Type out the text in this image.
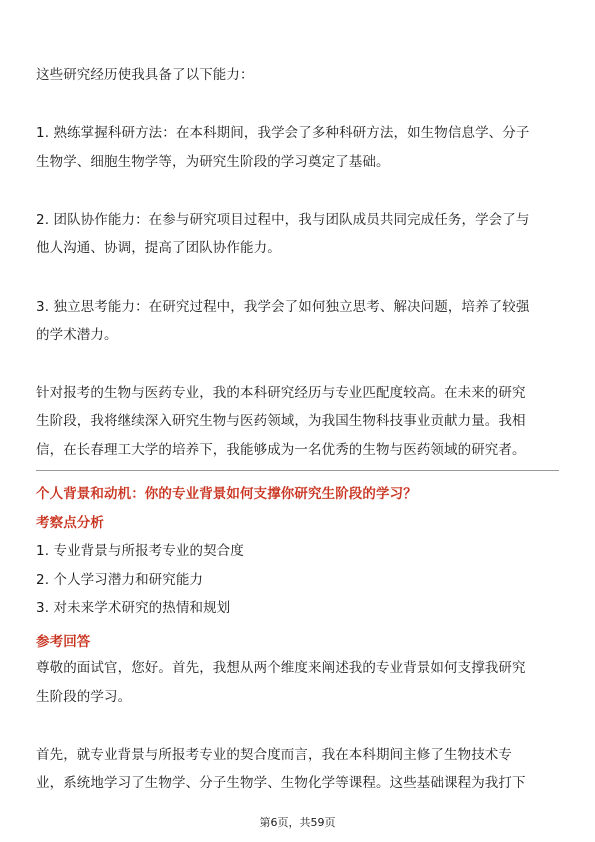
这些研究经历使我具备了以下能力：
1. 熟练掌握科研方法：在本科期间，我学会了多种科研方法，如生物信息学、分子
生物学、细胞生物学等，为研究生阶段的学习奠定了基础。
2. 团队协作能力：在参与研究项目过程中，我与团队成员共同完成任务，学会了与
他人沟通、协调，提高了团队协作能力。
3. 独立思考能力：在研究过程中，我学会了如何独立思考、解决问题，培养了较强
的学术潜力。
针对报考的生物与医药专业，我的本科研究经历与专业匹配度较高。在未来的研究
生阶段，我将继续深入研究生物与医药领域，为我国生物科技事业贡献力量。我相
信，在长春理工大学的培养下，我能够成为一名优秀的生物与医药领域的研究者。
个人背景和动机：你的专业背景如何支撑你研究生阶段的学习？
考察点分析
1. 专业背景与所报考专业的契合度
2. 个人学习潜力和研究能力
3. 对未来学术研究的热情和规划
参考回答
尊敬的面试官，您好。首先，我想从两个维度来阐述我的专业背景如何支撑我研究
生阶段的学习。
首先，就专业背景与所报考专业的契合度而言，我在本科期间主修了生物技术专
业，系统地学习了生物学、分子生物学、生物化学等课程。这些基础课程为我打下
第6页，共59页
